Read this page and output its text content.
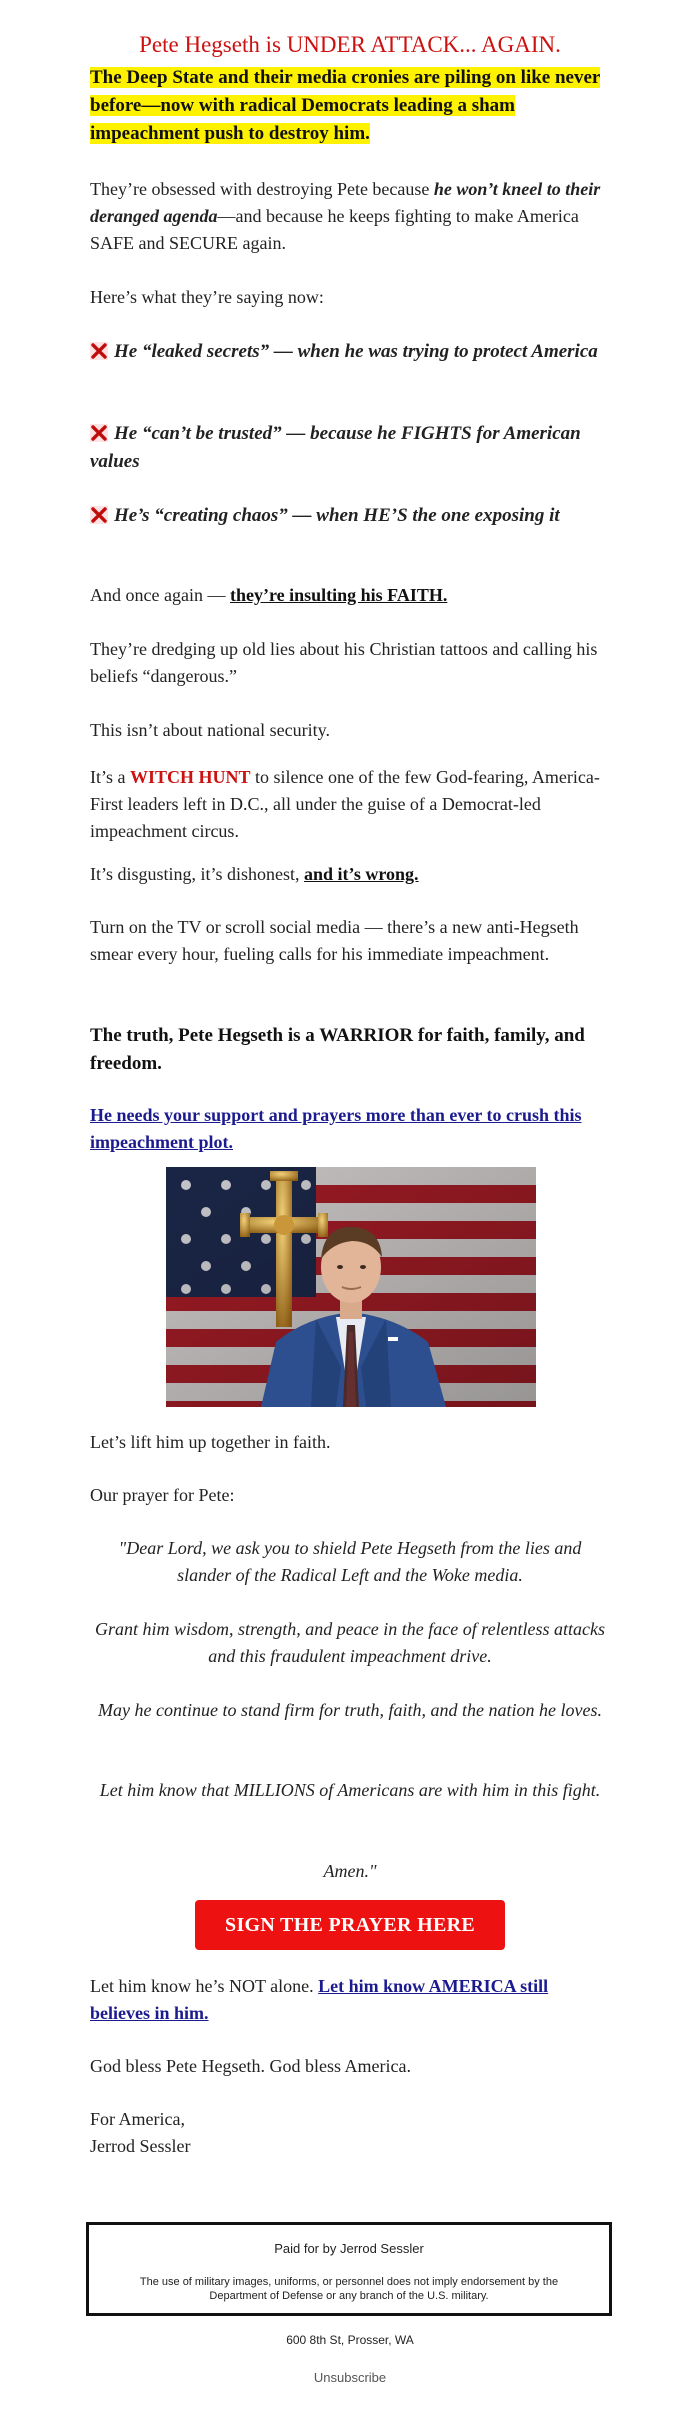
Pete Hegseth is UNDER ATTACK... AGAIN.
The Deep State and their media cronies are piling on like never before—now with radical Democrats leading a sham impeachment push to destroy him.

They’re obsessed with destroying Pete because he won’t kneel to their deranged agenda—and because he keeps fighting to make America SAFE and SECURE again.

Here’s what they’re saying now:

He “leaked secrets” — when he was trying to protect America

He “can’t be trusted” — because he FIGHTS for American values

He’s “creating chaos” — when HE’S the one exposing it

And once again — they’re insulting his FAITH.

They’re dredging up old lies about his Christian tattoos and calling his beliefs “dangerous.”

This isn’t about national security.

It’s a WITCH HUNT to silence one of the few God-fearing, America-First leaders left in D.C., all under the guise of a Democrat-led impeachment circus.

It’s disgusting, it’s dishonest, and it’s wrong.

Turn on the TV or scroll social media — there’s a new anti-Hegseth smear every hour, fueling calls for his immediate impeachment.

The truth, Pete Hegseth is a WARRIOR for faith, family, and freedom.

He needs your support and prayers more than ever to crush this impeachment plot.

Let’s lift him up together in faith.

Our prayer for Pete:

"Dear Lord, we ask you to shield Pete Hegseth from the lies and slander of the Radical Left and the Woke media.

Grant him wisdom, strength, and peace in the face of relentless attacks and this fraudulent impeachment drive.

May he continue to stand firm for truth, faith, and the nation he loves.

Let him know that MILLIONS of Americans are with him in this fight.

Amen."

Let him know he’s NOT alone. Let him know AMERICA still believes in him.

God bless Pete Hegseth. God bless America.

For America,

Jerrod Sessler

SIGN THE PRAYER HERE
Paid for by Jerrod Sessler
The use of military images, uniforms, or personnel does not imply endorsement by the Department of Defense or any branch of the U.S. military.
600 8th St, Prosser, WA
Unsubscribe
